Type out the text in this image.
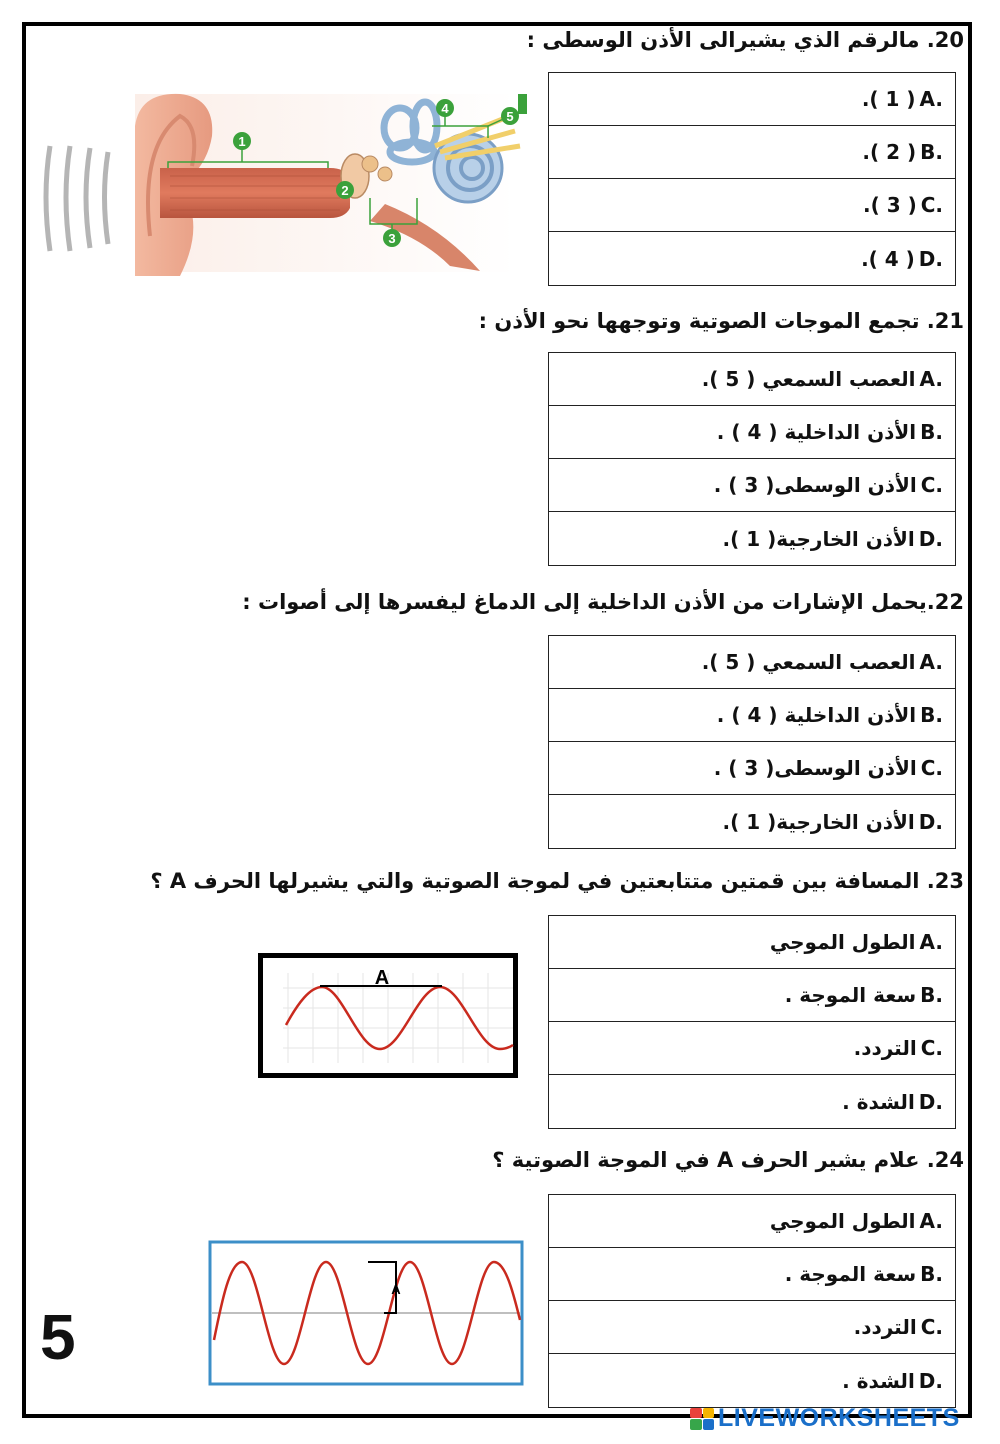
20. مالرقم الذي يشيرالى الأذن الوسطى :
A.
( 1 ).
B.
( 2 ).
C.
( 3 ).
D.
( 4 ).
1
2
3
4
5
21. تجمع الموجات الصوتية وتوجهها نحو الأذن :
A.
العصب السمعي ( 5 ).
B.
الأذن الداخلية ( 4 ) .
C.
الأذن الوسطى( 3 ) .
D.
الأذن الخارجية( 1 ).
22.يحمل الإشارات من الأذن الداخلية إلى الدماغ ليفسرها إلى أصوات :
A.
العصب السمعي ( 5 ).
B.
الأذن الداخلية ( 4 ) .
C.
الأذن الوسطى( 3 ) .
D.
الأذن الخارجية( 1 ).
23. المسافة بين قمتين متتابعتين في لموجة الصوتية والتي يشيرلها الحرف A ؟
A.
الطول الموجي
B.
سعة الموجة .
C.
التردد.
D.
الشدة .
A
24. علام يشير الحرف A في الموجة الصوتية ؟
A.
الطول الموجي
B.
سعة الموجة .
C.
التردد.
D.
الشدة .
A
5
LIVEWORKSHEETS
